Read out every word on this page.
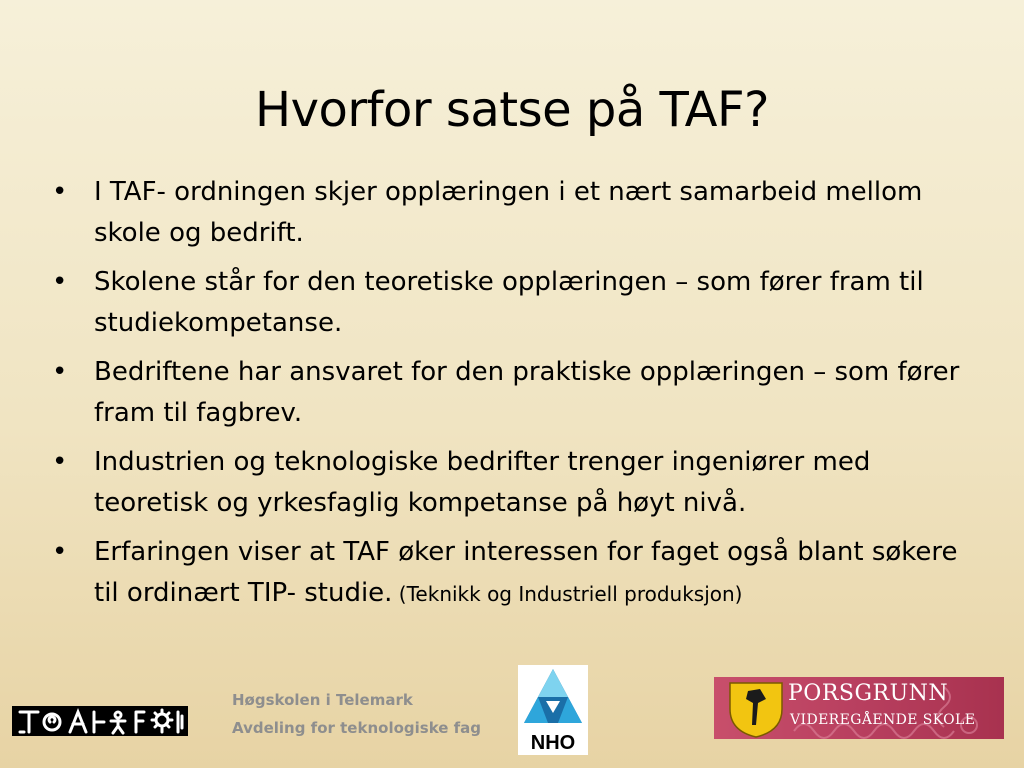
Hvorfor satse på TAF?
• I TAF- ordningen skjer opplæringen i et nært samarbeid mellom skole og bedrift.
• Skolene står for den teoretiske opplæringen – som fører fram til studiekompetanse.
• Bedriftene har ansvaret for den praktiske opplæringen – som fører fram til fagbrev.
• Industrien og teknologiske bedrifter trenger ingeniører med teoretisk og yrkesfaglig kompetanse på høyt nivå.
• Erfaringen viser at TAF øker interessen for faget også blant søkere til ordinært TIP- studie. (Teknikk og Industriell produksjon)
Høgskolen i Telemark
Avdeling for teknologiske fag
NHO
PORSGRUNN
VIDEREGÅENDE SKOLE
